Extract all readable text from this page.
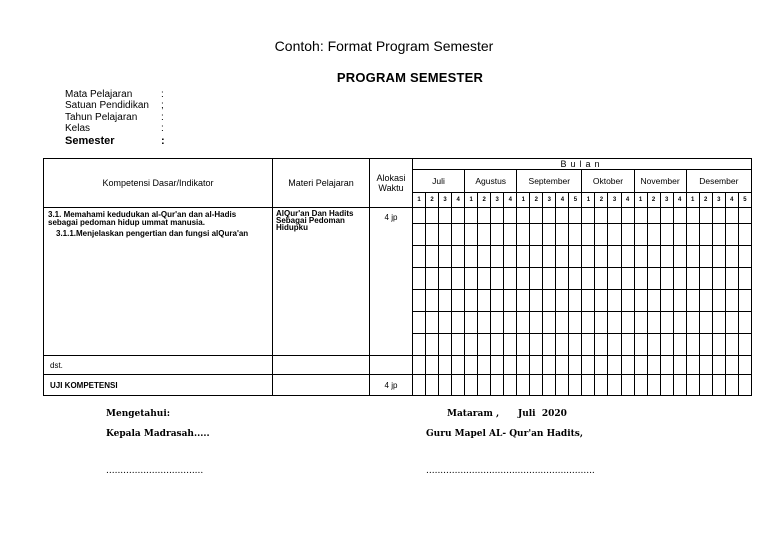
Contoh: Format Program Semester
PROGRAM SEMESTER
Mata Pelajaran	:
Satuan Pendidikan	;
Tahun Pelajaran	:
Kelas	:
Semester	:
Kompetensi Dasar/Indikator	Materi Pelajaran	Alokasi Waktu	Bulan																									
			Juli				Agustus				September					Oktober				November				Desember				
			1	2	3	4	1	2	3	4	1	2	3	4	5	1	2	3	4	1	2	3	4	1	2	3	4	5

3.1. Memahami kedudukan al-Qur'an dan al-Hadis sebagai pedoman hidup ummat manusia.
3.1.1.Menjelaskan pengertian dan fungsi alQura'an	AlQur'an Dan Hadits Sebagai Pedoman Hidupku	4 jp																										

dst.																												
UJI KOMPETENSI		4 jp																										
Mengetahui:
Kepala Madrasah.....
..................................
Mataram ,      Juli  2020
Guru Mapel AL- Qur'an Hadits,
...........................................................
